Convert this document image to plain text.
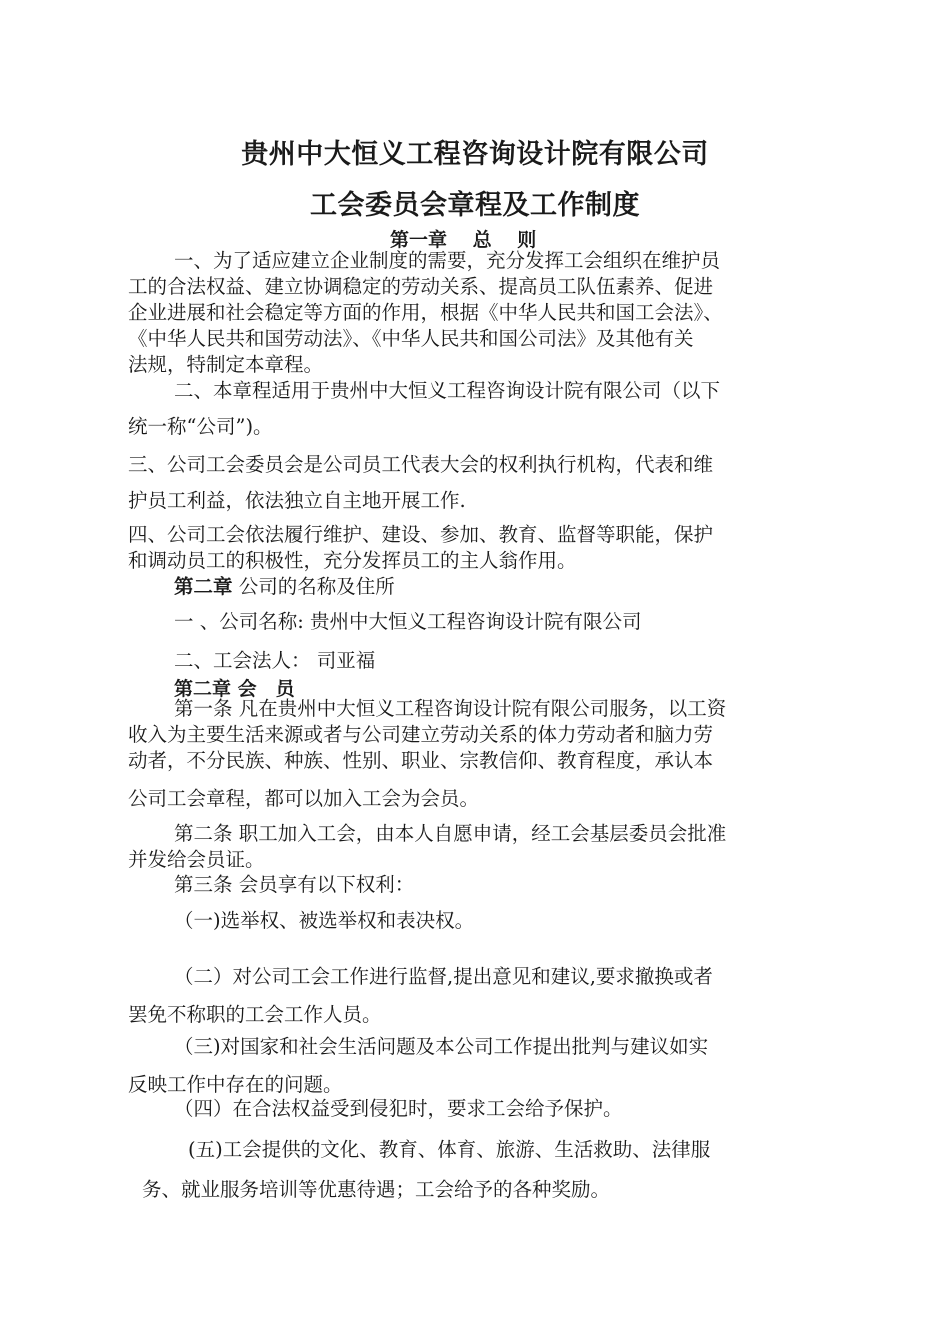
贵州中大恒义工程咨询设计院有限公司
工会委员会章程及工作制度
第一章　 总　 则
一、为了适应建立企业制度的需要，充分发挥工会组织在维护员
工的合法权益、建立协调稳定的劳动关系、提高员工队伍素养、促进
企业进展和社会稳定等方面的作用，根据《中华人民共和国工会法》、
《中华人民共和国劳动法》、《中华人民共和国公司法》及其他有关
法规，特制定本章程。
二、本章程适用于贵州中大恒义工程咨询设计院有限公司（以下
统一称“公司”)。
三、公司工会委员会是公司员工代表大会的权利执行机构，代表和维
护员工利益，依法独立自主地开展工作.
四、公司工会依法履行维护、建设、参加、教育、监督等职能，保护
和调动员工的积极性，充分发挥员工的主人翁作用。
第二章 公司的名称及住所
一 、公司名称: 贵州中大恒义工程咨询设计院有限公司
二、工会法人： 司亚福
第二章 会　员
第一条 凡在贵州中大恒义工程咨询设计院有限公司服务，以工资
收入为主要生活来源或者与公司建立劳动关系的体力劳动者和脑力劳
动者，不分民族、种族、性别、职业、宗教信仰、教育程度，承认本
公司工会章程，都可以加入工会为会员。
第二条 职工加入工会，由本人自愿申请，经工会基层委员会批准
并发给会员证。
第三条 会员享有以下权利：
（一)选举权、被选举权和表决权。
（二）对公司工会工作进行监督,提出意见和建议,要求撤换或者
罢免不称职的工会工作人员。
（三)对国家和社会生活问题及本公司工作提出批判与建议如实
反映工作中存在的问题。
（四）在合法权益受到侵犯时，要求工会给予保护。
(五)工会提供的文化、教育、体育、旅游、生活救助、法律服
务、就业服务培训等优惠待遇；工会给予的各种奖励。
